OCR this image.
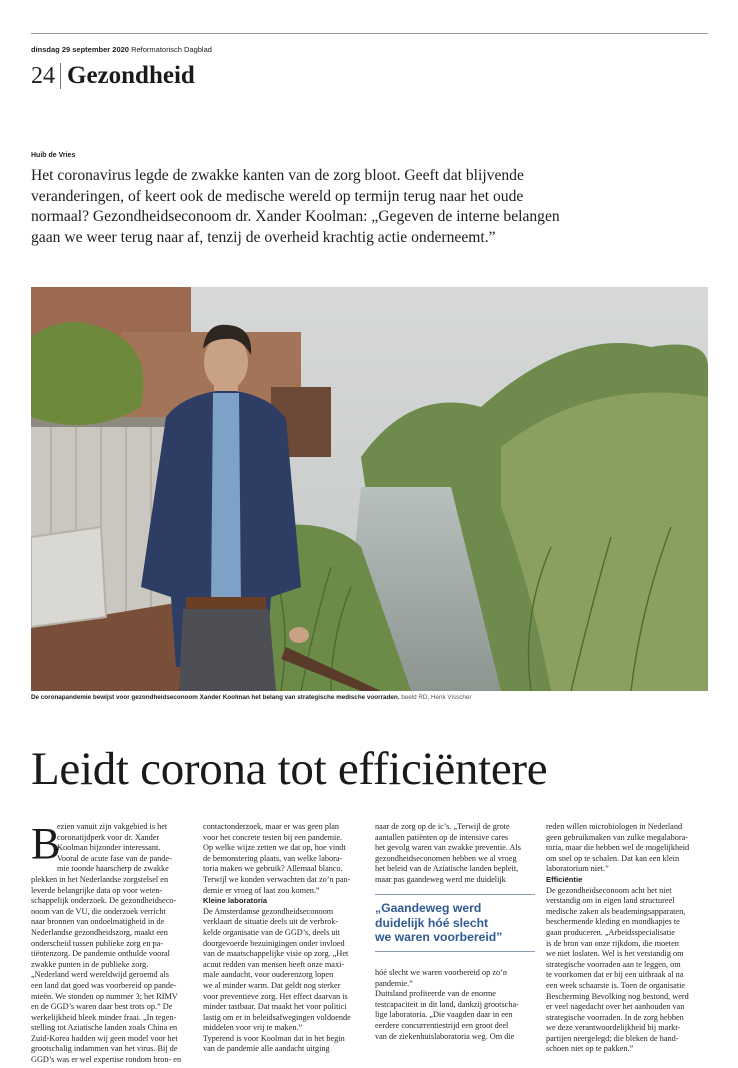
dinsdag 29 september 2020 Reformatorisch Dagblad
24 Gezondheid
Huib de Vries
Het coronavirus legde de zwakke kanten van de zorg bloot. Geeft dat blijvende
veranderingen, of keert ook de medische wereld op termijn terug naar het oude
normaal? Gezondheidseconoom dr. Xander Koolman: „Gegeven de interne belangen
gaan we weer terug naar af, tenzij de overheid krachtig actie onderneemt.”
De coronapandemie bewijst voor gezondheidseconoom Xander Koolman het belang van strategische medische voorraden. beeld RD, Henk Visscher
Leidt corona tot efficiëntere
B
ezien vanuit zijn vakgebied is het
coronatijdperk voor dr. Xander
Koolman bijzonder interessant.
Vooral de acute fase van de pande-
mie toonde haarscherp de zwakke
plekken in het Nederlandse zorgstelsel en
leverde belangrijke data op voor weten-
schappelijk onderzoek. De gezondheidseco-
noom van de VU, die onderzoek verricht
naar bronnen van ondoelmatigheid in de
Nederlandse gezondheidszorg, maakt een
onderscheid tussen publieke zorg en pa-
tiëntenzorg. De pandemie onthulde vooral
zwakke punten in de publieke zorg.
„Nederland werd wereldwijd geroemd als
een land dat goed was voorbereid op pande-
mieën. We stonden op nummer 3; het RIMV
en de GGD’s waren daar best trots op.” De
werkelijkheid bleek minder fraai. „In tegen-
stelling tot Aziatische landen zoals China en
Zuid-Korea hadden wij geen model voor het
grootschalig indammen van het virus. Bij de
GGD’s was er wel expertise rondom bron- en
contactonderzoek, maar er was geen plan
voor het concrete testen bij een pandemie.
Op welke wijze zetten we dat op, hoe vindt
de bemonstering plaats, van welke labora-
toria maken we gebruik? Allemaal blanco.
Terwijl we konden verwachten dat zo’n pan-
demie er vroeg of laat zou komen.”
Kleine laboratoria
De Amsterdamse gezondheidseconoom
verklaart de situatie deels uit de verbrok-
kelde organisatie van de GGD’s, deels uit
doorgevoerde bezuinigingen onder invloed
van de maatschappelijke visie op zorg. „Het
acuut redden van mensen heeft onze maxi-
male aandacht, voor ouderenzorg lopen
we al minder warm. Dat geldt nog sterker
voor preventieve zorg. Het effect daarvan is
minder tastbaar. Dat maakt het voor politici
lastig om er in beleidsafwegingen voldoende
middelen voor vrij te maken.”
Typerend is voor Koolman dat in het begin
van de pandemie alle aandacht uitging
naar de zorg op de ic’s. „Terwijl de grote
aantallen patiënten op de intensive cares
het gevolg waren van zwakke preventie. Als
gezondheidseconomen hebben we al vroeg
het beleid van de Aziatische landen bepleit,
maar pas gaandeweg werd me duidelijk
„Gaandeweg werd
duidelijk hóé slecht
we waren voorbereid”
hóé slecht we waren voorbereid op zo’n
pandemie.”
Duitsland profiteerde van de enorme
testcapaciteit in dit land, dankzij grootscha-
lige laboratoria. „Die vaagden daar in een
eerdere concurrentiestrijd een groot deel
van de ziekenhuislaboratoria weg. Om die
reden willen microbiologen in Nederland
geen gebruikmaken van zulke megalabora-
toria, maar die hebben wel de mogelijkheid
om snel op te schalen. Dat kan een klein
laboratorium niet.”
Efficiëntie
De gezondheidseconoom acht het niet
verstandig om in eigen land structureel
medische zaken als beademingsapparaten,
beschermende kleding en mondkapjes te
gaan produceren. „Arbeidsspecialisatie
is de bron van onze rijkdom, die moeten
we niet loslaten. Wel is het verstandig om
strategische voorraden aan te leggen, om
te voorkomen dat er bij een uitbraak al na
een week schaarste is. Toen de organisatie
Bescherming Bevolking nog bestond, werd
er veel nagedacht over het aanhouden van
strategische voorraden. In de zorg hebben
we deze verantwoordelijkheid bij markt-
partijen neergelegd; die bleken de hand-
schoen niet op te pakken.”
